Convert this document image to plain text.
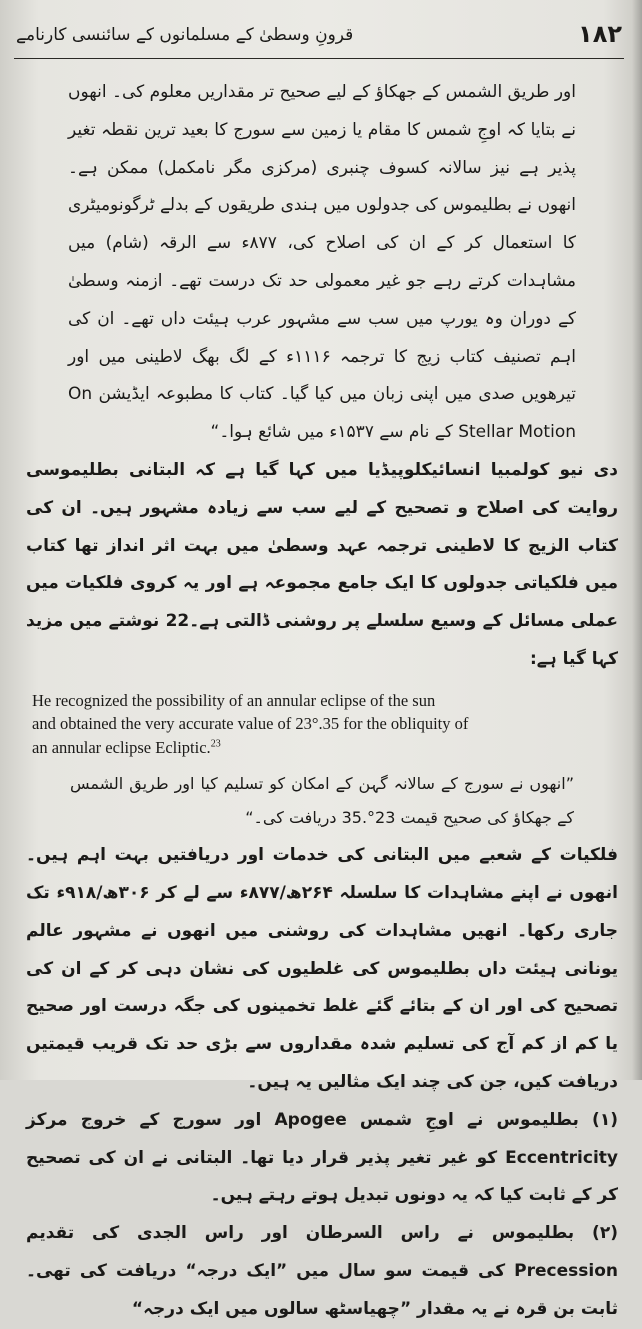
۱۸۲
قرونِ وسطیٰ کے مسلمانوں کے سائنسی کارنامے

اور طریق الشمس کے جھکاؤ کے لیے صحیح تر مقداریں معلوم کی۔ انھوں نے بتایا کہ اوجِ شمس کا مقام یا زمین سے سورج کا بعید ترین نقطہ تغیر پذیر ہے نیز سالانہ کسوف چنبری (مرکزی مگر نامکمل) ممکن ہے۔ انھوں نے بطلیموس کی جدولوں میں ہندی طریقوں کے بدلے ٹرگونومیٹری کا استعمال کر کے ان کی اصلاح کی، ۸۷۷ء سے الرقہ (شام) میں مشاہدات کرتے رہے جو غیر معمولی حد تک درست تھے۔ ازمنہ وسطیٰ کے دوران وہ یورپ میں سب سے مشہور عرب ہیئت داں تھے۔ ان کی اہم تصنیف کتاب زیج کا ترجمہ ۱۱۱۶ء کے لگ بھگ لاطینی میں اور تیرھویں صدی میں اپنی زبان میں کیا گیا۔ کتاب کا مطبوعہ ایڈیشن On Stellar Motion کے نام سے ۱۵۳۷ء میں شائع ہوا۔“

دی نیو کولمبیا انسائیکلوپیڈیا میں کہا گیا ہے کہ البتانی بطلیموسی روایت کی اصلاح و تصحیح کے لیے سب سے زیادہ مشہور ہیں۔ ان کی کتاب الزیج کا لاطینی ترجمہ عہد وسطیٰ میں بہت اثر انداز تھا کتاب میں فلکیاتی جدولوں کا ایک جامع مجموعہ ہے اور یہ کروی فلکیات میں عملی مسائل کے وسیع سلسلے پر روشنی ڈالتی ہے۔22 نوشتے میں مزید کہا گیا ہے:

He recognized the possibility of an annular eclipse of the sun
and obtained the very accurate value of 23°.35 for the obliquity of
an annular eclipse Ecliptic.$^{23}$

”انھوں نے سورج کے سالانہ گہن کے امکان کو تسلیم کیا اور طریق الشمس کے جھکاؤ کی صحیح قیمت 23°.35 دریافت کی۔“

فلکیات کے شعبے میں البتانی کی خدمات اور دریافتیں بہت اہم ہیں۔ انھوں نے اپنے مشاہدات کا سلسلہ ۲۶۴ھ/۸۷۷ء سے لے کر ۳۰۶ھ/۹۱۸ء تک جاری رکھا۔ انھیں مشاہدات کی روشنی میں انھوں نے مشہور عالم یونانی ہیئت داں بطلیموس کی غلطیوں کی نشان دہی کر کے ان کی تصحیح کی اور ان کے بتائے گئے غلط تخمینوں کی جگہ درست اور صحیح یا کم از کم آج کی تسلیم شدہ مقداروں سے بڑی حد تک قریب قیمتیں دریافت کیں، جن کی چند ایک مثالیں یہ ہیں۔

(۱) بطلیموس نے اوجِ شمس Apogee اور سورج کے خروج مرکز Eccentricity کو غیر تغیر پذیر قرار دیا تھا۔ البتانی نے ان کی تصحیح کر کے ثابت کیا کہ یہ دونوں تبدیل ہوتے رہتے ہیں۔

(۲) بطلیموس نے راس السرطان اور راس الجدی کی تقدیم Precession کی قیمت سو سال میں ”ایک درجہ“ دریافت کی تھی۔ ثابت بن قرہ نے یہ مقدار ”چھیاسٹھ سالوں میں ایک درجہ“
